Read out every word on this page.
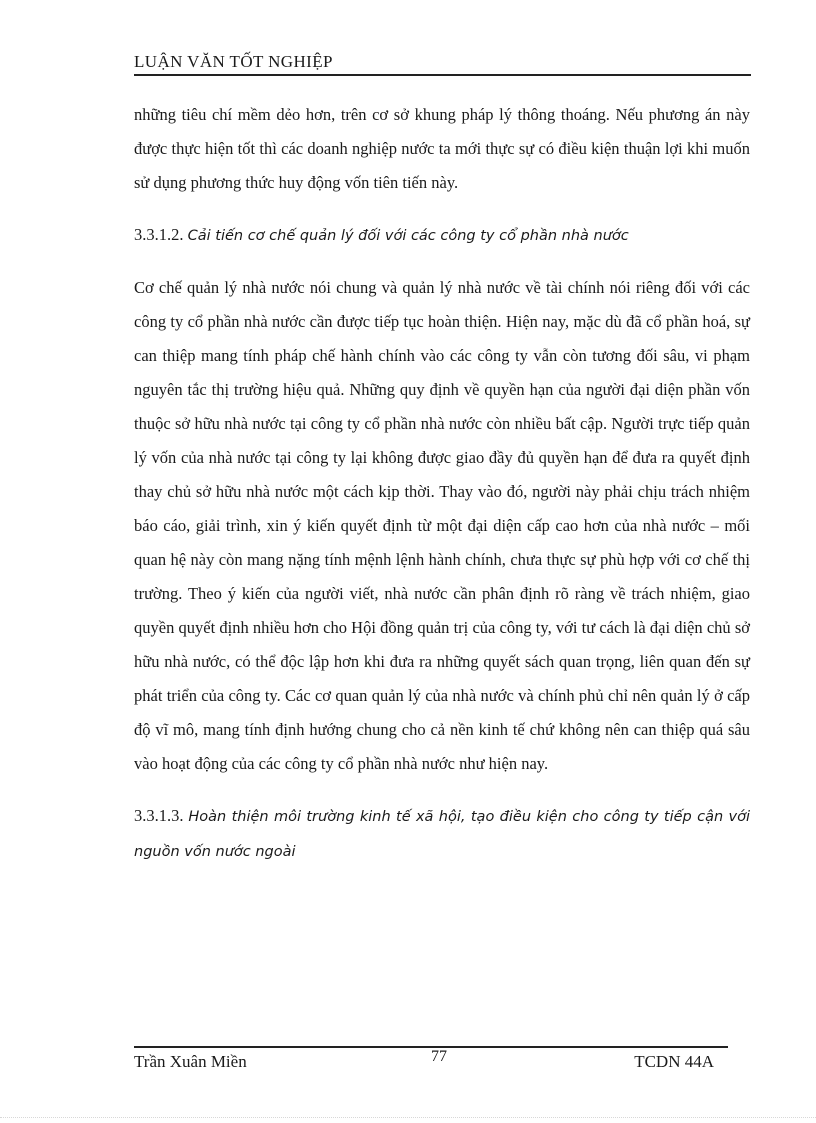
LUẬN VĂN TỐT NGHIỆP

những tiêu chí mềm dẻo hơn, trên cơ sở khung pháp lý thông thoáng. Nếu phương án này được thực hiện tốt thì các doanh nghiệp nước ta mới thực sự có điều kiện thuận lợi khi muốn sử dụng phương thức huy động vốn tiên tiến này.

3.3.1.2. Cải tiến cơ chế quản lý đối với các công ty cổ phần nhà nước

Cơ chế quản lý nhà nước nói chung và quản lý nhà nước về tài chính nói riêng đối với các công ty cổ phần nhà nước cần được tiếp tục hoàn thiện. Hiện nay, mặc dù đã cổ phần hoá, sự can thiệp mang tính pháp chế hành chính vào các công ty vẫn còn tương đối sâu, vi phạm nguyên tắc thị trường hiệu quả. Những quy định về quyền hạn của người đại diện phần vốn thuộc sở hữu nhà nước tại công ty cổ phần nhà nước còn nhiều bất cập. Người trực tiếp quản lý vốn của nhà nước tại công ty lại không được giao đầy đủ quyền hạn để đưa ra quyết định thay chủ sở hữu nhà nước một cách kịp thời. Thay vào đó, người này phải chịu trách nhiệm báo cáo, giải trình, xin ý kiến quyết định từ một đại diện cấp cao hơn của nhà nước – mối quan hệ này còn mang nặng tính mệnh lệnh hành chính, chưa thực sự phù hợp với cơ chế thị trường. Theo ý kiến của người viết, nhà nước cần phân định rõ ràng về trách nhiệm, giao quyền quyết định nhiều hơn cho Hội đồng quản trị của công ty, với tư cách là đại diện chủ sở hữu nhà nước, có thể độc lập hơn khi đưa ra những quyết sách quan trọng, liên quan đến sự phát triển của công ty. Các cơ quan quản lý của nhà nước và chính phủ chỉ nên quản lý ở cấp độ vĩ mô, mang tính định hướng chung cho cả nền kinh tế chứ không nên can thiệp quá sâu vào hoạt động của các công ty cổ phần nhà nước như hiện nay.

3.3.1.3. Hoàn thiện môi trường kinh tế xã hội, tạo điều kiện cho công ty tiếp cận với nguồn vốn nước ngoài

Trần Xuân Miền	77	TCDN 44A
